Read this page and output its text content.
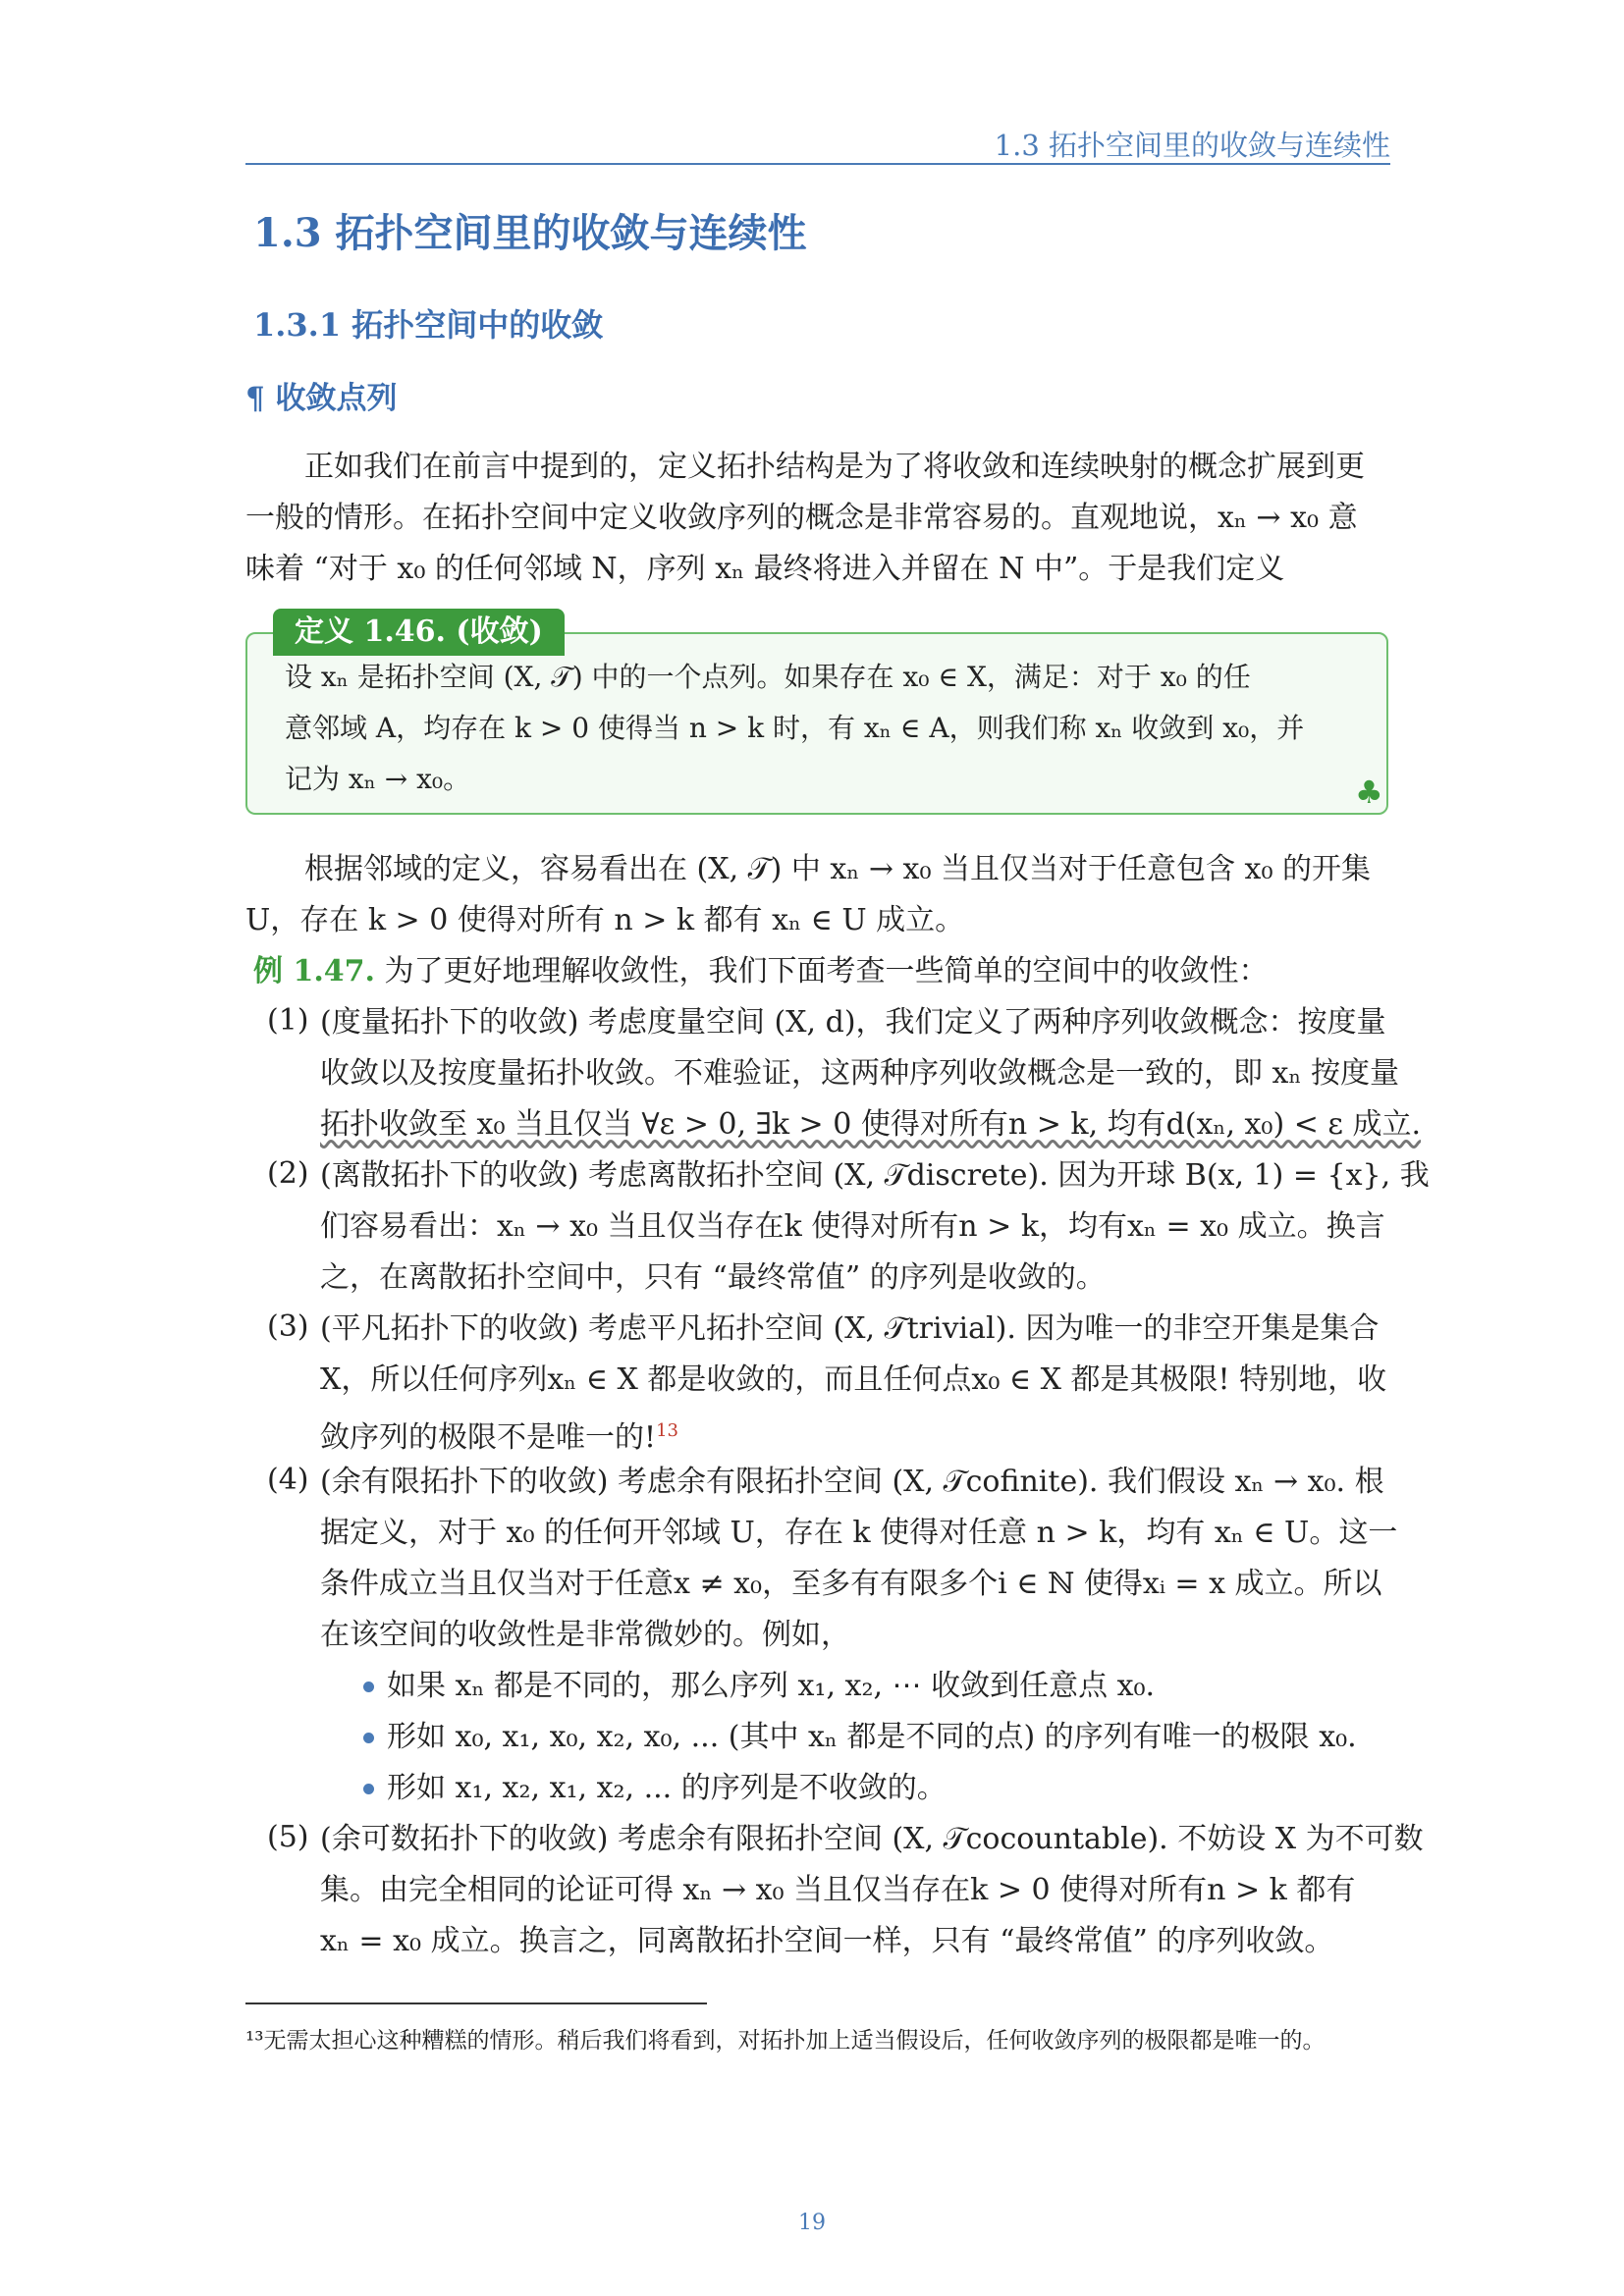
1.3 拓扑空间里的收敛与连续性
1.3 拓扑空间里的收敛与连续性
1.3.1 拓扑空间中的收敛
¶ 收敛点列
正如我们在前言中提到的，定义拓扑结构是为了将收敛和连续映射的概念扩展到更
一般的情形。在拓扑空间中定义收敛序列的概念是非常容易的。直观地说，xₙ → x₀ 意
味着 “对于 x₀ 的任何邻域 N，序列 xₙ 最终将进入并留在 N 中”。于是我们定义
定义 1.46. (收敛)
设 xₙ 是拓扑空间 (X, 𝒯) 中的一个点列。如果存在 x₀ ∈ X，满足：对于 x₀ 的任
意邻域 A，均存在 k > 0 使得当 n > k 时，有 xₙ ∈ A，则我们称 xₙ 收敛到 x₀，并
记为 xₙ → x₀。	♣
根据邻域的定义，容易看出在 (X, 𝒯) 中 xₙ → x₀ 当且仅当对于任意包含 x₀ 的开集
U，存在 k > 0 使得对所有 n > k 都有 xₙ ∈ U 成立。
例 1.47. 为了更好地理解收敛性，我们下面考查一些简单的空间中的收敛性：
(1) (度量拓扑下的收敛) 考虑度量空间 (X, d)，我们定义了两种序列收敛概念：按度量
收敛以及按度量拓扑收敛。不难验证，这两种序列收敛概念是一致的，即 xₙ 按度量
拓扑收敛至 x₀ 当且仅当 ∀ε > 0, ∃k > 0 使得对所有n > k, 均有d(xₙ, x₀) < ε 成立.
(2) (离散拓扑下的收敛) 考虑离散拓扑空间 (X, 𝒯discrete). 因为开球 B(x, 1) = {x}, 我
们容易看出：xₙ → x₀ 当且仅当存在k 使得对所有n > k，均有xₙ = x₀ 成立。换言
之，在离散拓扑空间中，只有 “最终常值” 的序列是收敛的。
(3) (平凡拓扑下的收敛) 考虑平凡拓扑空间 (X, 𝒯trivial). 因为唯一的非空开集是集合
X，所以任何序列xₙ ∈ X 都是收敛的，而且任何点x₀ ∈ X 都是其极限! 特别地，收
敛序列的极限不是唯一的!$^{13}$
(4) (余有限拓扑下的收敛) 考虑余有限拓扑空间 (X, 𝒯cofinite). 我们假设 xₙ → x₀. 根
据定义，对于 x₀ 的任何开邻域 U，存在 k 使得对任意 n > k，均有 xₙ ∈ U。这一
条件成立当且仅当对于任意x ≠ x₀，至多有有限多个i ∈ ℕ 使得xᵢ = x 成立。所以
在该空间的收敛性是非常微妙的。例如，
如果 xₙ 都是不同的，那么序列 x₁, x₂, ⋯ 收敛到任意点 x₀.
形如 x₀, x₁, x₀, x₂, x₀, ... (其中 xₙ 都是不同的点) 的序列有唯一的极限 x₀.
形如 x₁, x₂, x₁, x₂, ... 的序列是不收敛的。
(5) (余可数拓扑下的收敛) 考虑余有限拓扑空间 (X, 𝒯cocountable). 不妨设 X 为不可数
集。由完全相同的论证可得 xₙ → x₀ 当且仅当存在k > 0 使得对所有n > k 都有
xₙ = x₀ 成立。换言之，同离散拓扑空间一样，只有 “最终常值” 的序列收敛。
¹³无需太担心这种糟糕的情形。稍后我们将看到，对拓扑加上适当假设后，任何收敛序列的极限都是唯一的。
19
